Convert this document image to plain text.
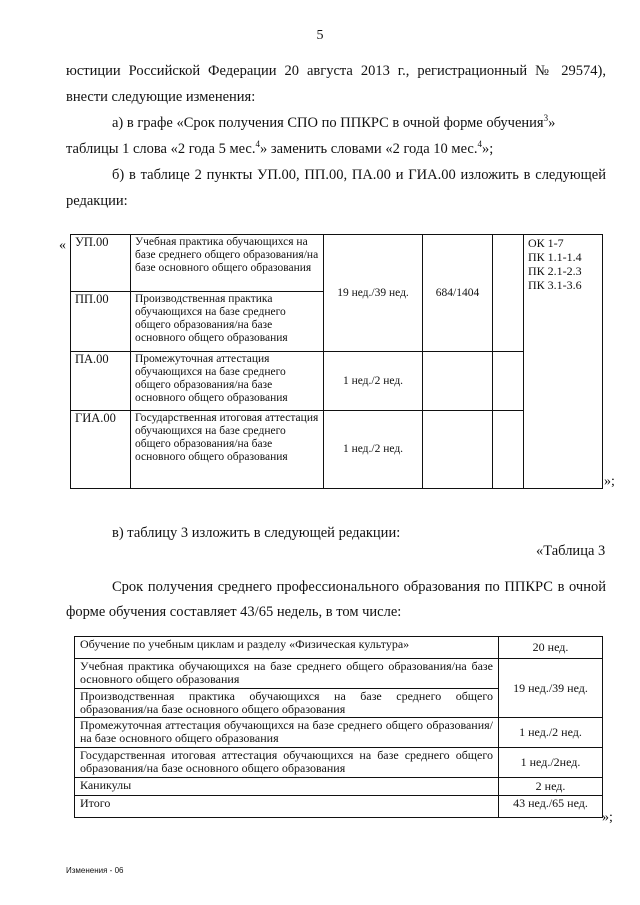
5
юстиции Российской Федерации 20 августа 2013 г., регистрационный № 29574),
внести следующие изменения:
а) в графе «Срок получения СПО по ППКРС в очной форме обучения$^3$»
таблицы 1 слова «2 года 5 мес.$^4$» заменить словами «2 года 10 мес.$^4$»;
б) в таблице 2 пункты УП.00, ПП.00, ПА.00 и ГИА.00 изложить в следующей
редакции:
« УП.00	Учебная практика обучающихся на базе среднего общего образования/на базе основного общего образования	19 нед./39 нед.	684/1404		ОК 1-7
ПК 1.1-1.4
ПК 2.1-2.3
ПК 3.1-3.6

ПП.00	Производственная практика обучающихся на базе среднего общего образования/на базе основного общего образования				
ПА.00	Промежуточная аттестация обучающихся на базе среднего общего образования/на базе основного общего образования	1 нед./2 нед.			
ГИА.00	Государственная итоговая аттестация обучающихся на базе среднего общего образования/на базе основного общего образования	1 нед./2 нед.			
»;
в) таблицу 3 изложить в следующей редакции:
«Таблица 3
Срок получения среднего профессионального образования по ППКРС в очной
форме обучения составляет 43/65 недель, в том числе:
Обучение по учебным циклам и разделу «Физическая культура»	20 нед.

Учебная практика обучающихся на базе среднего общего образования/на базе основного общего образования	19 нед./39 нед.

Производственная практика обучающихся на базе среднего общего образования/на базе основного общего образования	

Промежуточная аттестация обучающихся на базе среднего общего образования/на базе основного общего образования	1 нед./2 нед.

Государственная итоговая аттестация обучающихся на базе среднего общего образования/на базе основного общего образования	1 нед./2нед.
Каникулы	2 нед.
Итого	43 нед./65 нед.
»;
Изменения - 06
